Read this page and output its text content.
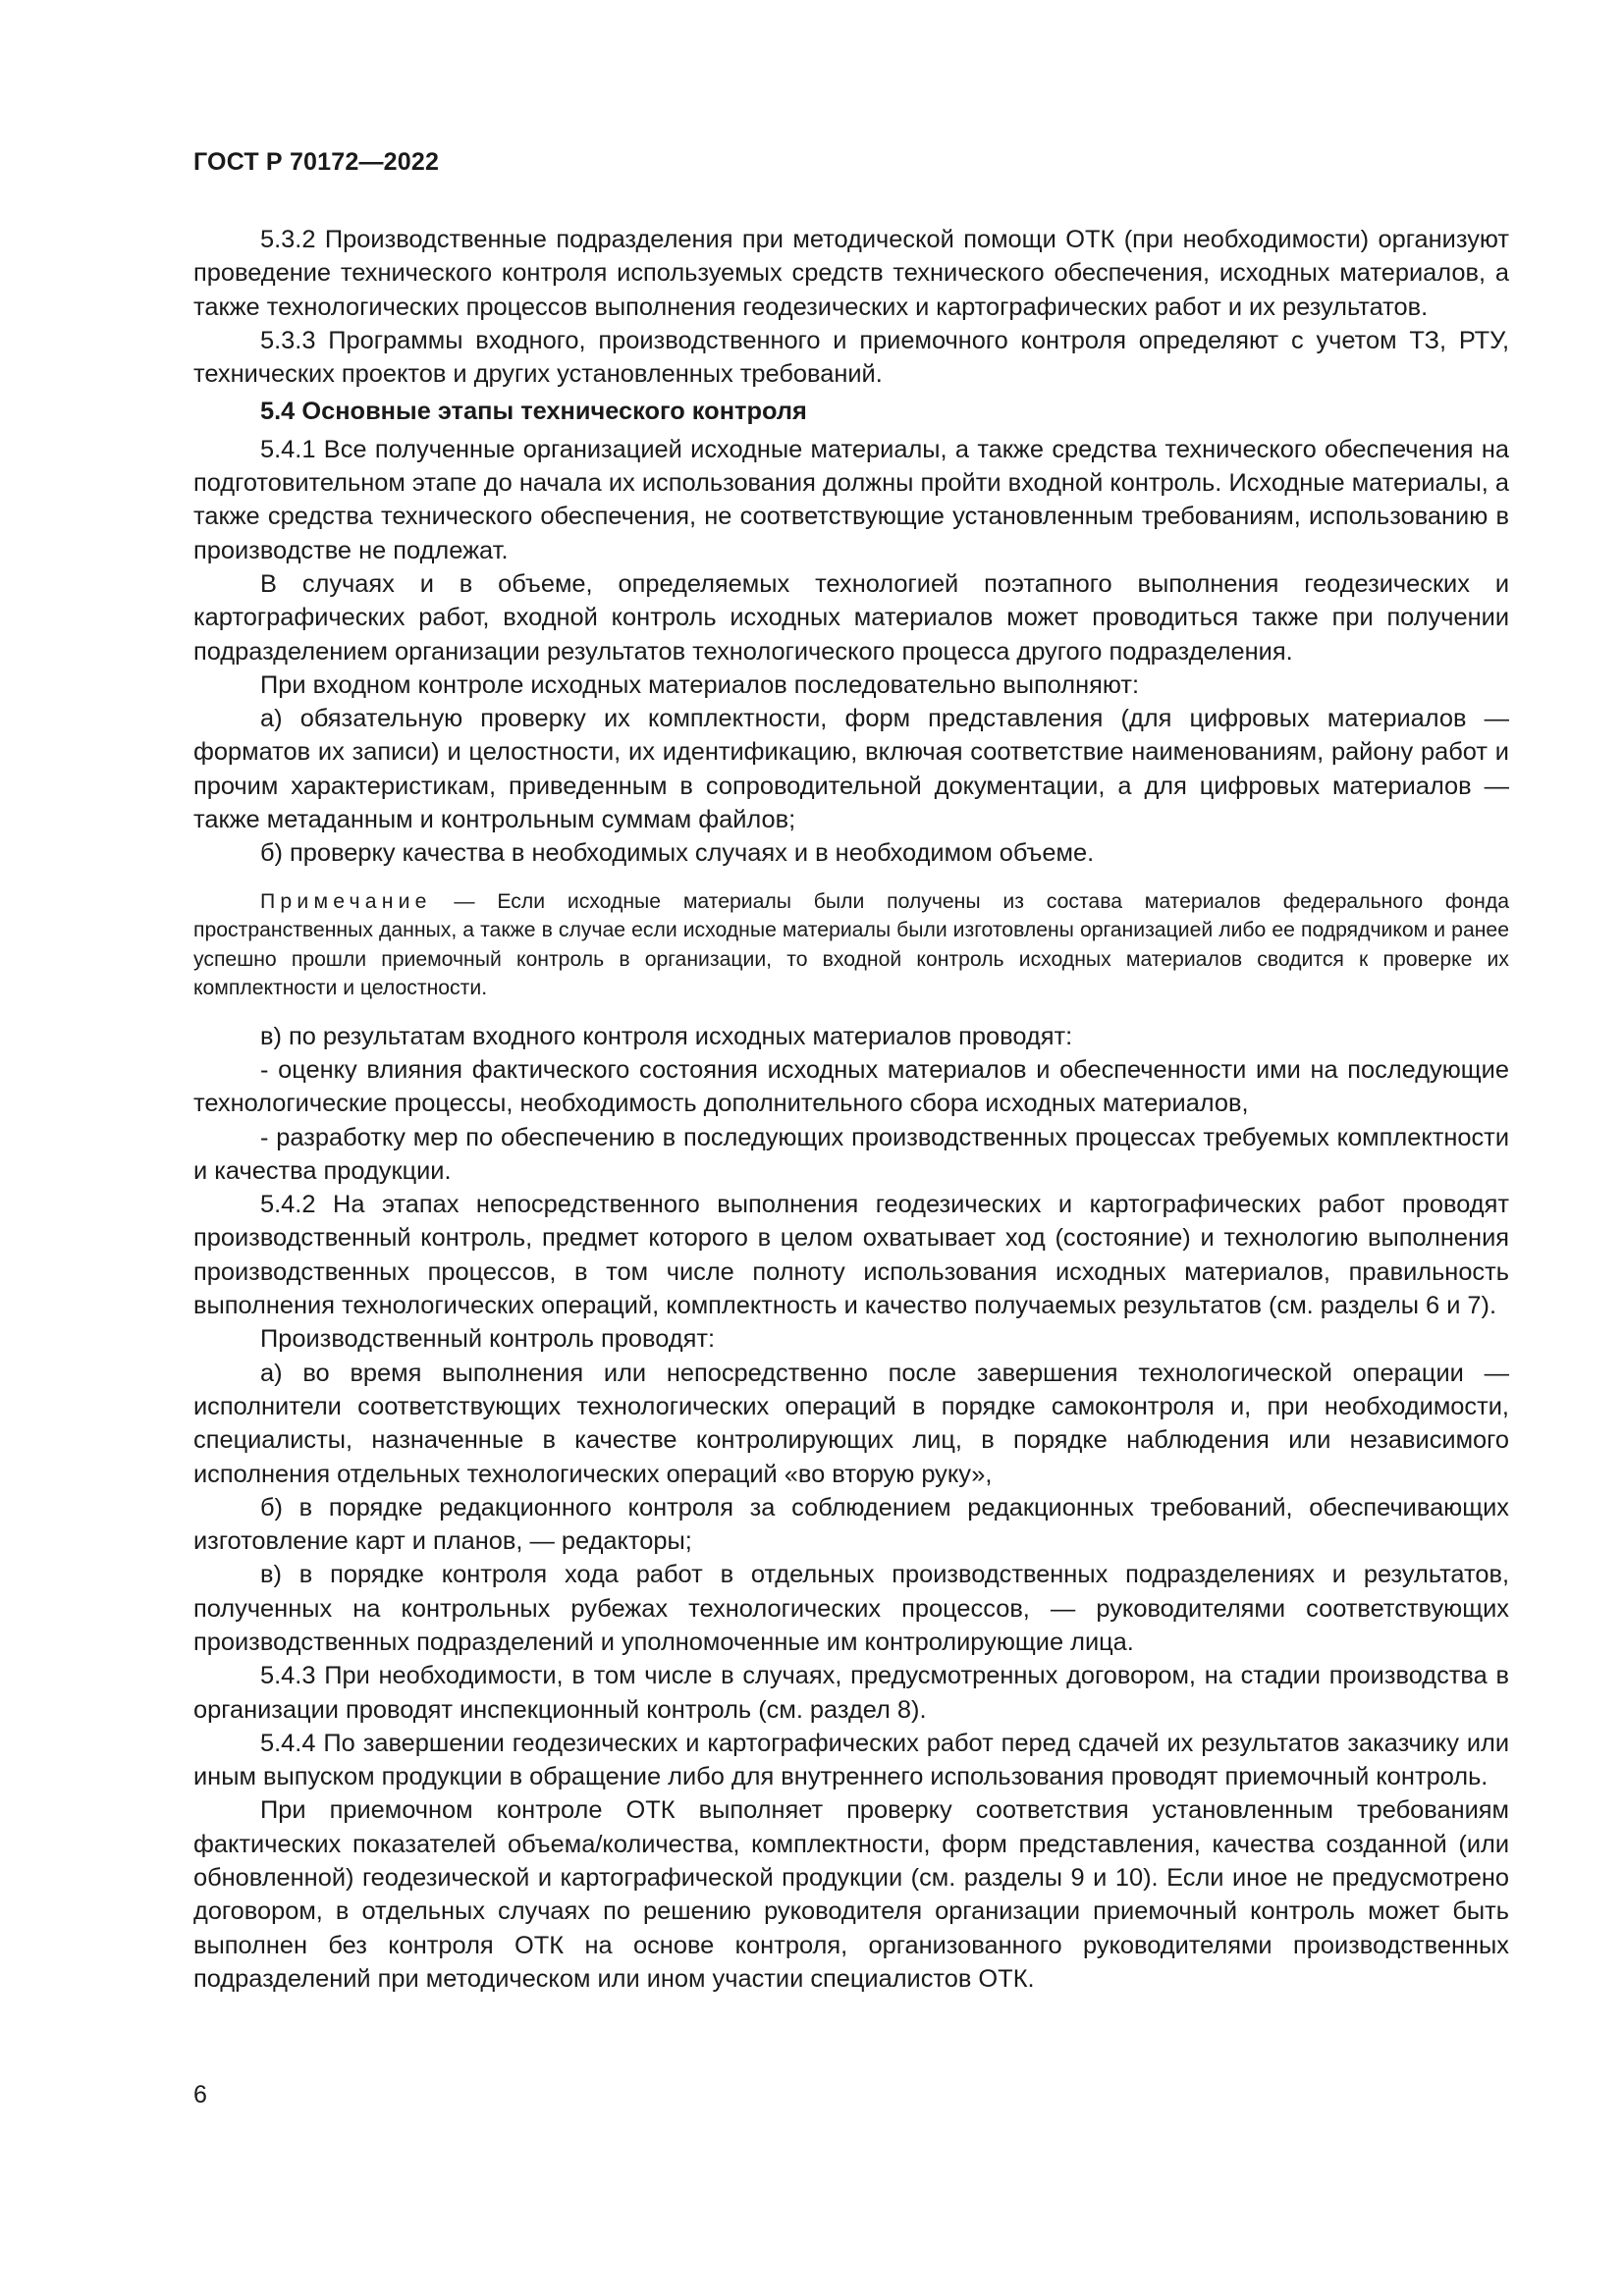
ГОСТ Р 70172—2022

5.3.2 Производственные подразделения при методической помощи ОТК (при необходимости) организуют проведение технического контроля используемых средств технического обеспечения, исходных материалов, а также технологических процессов выполнения геодезических и картографических работ и их результатов.

5.3.3 Программы входного, производственного и приемочного контроля определяют с учетом ТЗ, РТУ, технических проектов и других установленных требований.

5.4 Основные этапы технического контроля

5.4.1 Все полученные организацией исходные материалы, а также средства технического обеспечения на подготовительном этапе до начала их использования должны пройти входной контроль. Исходные материалы, а также средства технического обеспечения, не соответствующие установленным требованиям, использованию в производстве не подлежат.

В случаях и в объеме, определяемых технологией поэтапного выполнения геодезических и картографических работ, входной контроль исходных материалов может проводиться также при получении подразделением организации результатов технологического процесса другого подразделения.

При входном контроле исходных материалов последовательно выполняют:

а) обязательную проверку их комплектности, форм представления (для цифровых материалов — форматов их записи) и целостности, их идентификацию, включая соответствие наименованиям, району работ и прочим характеристикам, приведенным в сопроводительной документации, а для цифровых материалов — также метаданным и контрольным суммам файлов;

б) проверку качества в необходимых случаях и в необходимом объеме.

Примечание — Если исходные материалы были получены из состава материалов федерального фонда пространственных данных, а также в случае если исходные материалы были изготовлены организацией либо ее подрядчиком и ранее успешно прошли приемочный контроль в организации, то входной контроль исходных материалов сводится к проверке их комплектности и целостности.

в) по результатам входного контроля исходных материалов проводят:

- оценку влияния фактического состояния исходных материалов и обеспеченности ими на последующие технологические процессы, необходимость дополнительного сбора исходных материалов,

- разработку мер по обеспечению в последующих производственных процессах требуемых комплектности и качества продукции.

5.4.2 На этапах непосредственного выполнения геодезических и картографических работ проводят производственный контроль, предмет которого в целом охватывает ход (состояние) и технологию выполнения производственных процессов, в том числе полноту использования исходных материалов, правильность выполнения технологических операций, комплектность и качество получаемых результатов (см. разделы 6 и 7).

Производственный контроль проводят:

а) во время выполнения или непосредственно после завершения технологической операции — исполнители соответствующих технологических операций в порядке самоконтроля и, при необходимости, специалисты, назначенные в качестве контролирующих лиц, в порядке наблюдения или независимого исполнения отдельных технологических операций «во вторую руку»,

б) в порядке редакционного контроля за соблюдением редакционных требований, обеспечивающих изготовление карт и планов, — редакторы;

в) в порядке контроля хода работ в отдельных производственных подразделениях и результатов, полученных на контрольных рубежах технологических процессов, — руководителями соответствующих производственных подразделений и уполномоченные им контролирующие лица.

5.4.3 При необходимости, в том числе в случаях, предусмотренных договором, на стадии производства в организации проводят инспекционный контроль (см. раздел 8).

5.4.4 По завершении геодезических и картографических работ перед сдачей их результатов заказчику или иным выпуском продукции в обращение либо для внутреннего использования проводят приемочный контроль.

При приемочном контроле ОТК выполняет проверку соответствия установленным требованиям фактических показателей объема/количества, комплектности, форм представления, качества созданной (или обновленной) геодезической и картографической продукции (см. разделы 9 и 10). Если иное не предусмотрено договором, в отдельных случаях по решению руководителя организации приемочный контроль может быть выполнен без контроля ОТК на основе контроля, организованного руководителями производственных подразделений при методическом или ином участии специалистов ОТК.

6
